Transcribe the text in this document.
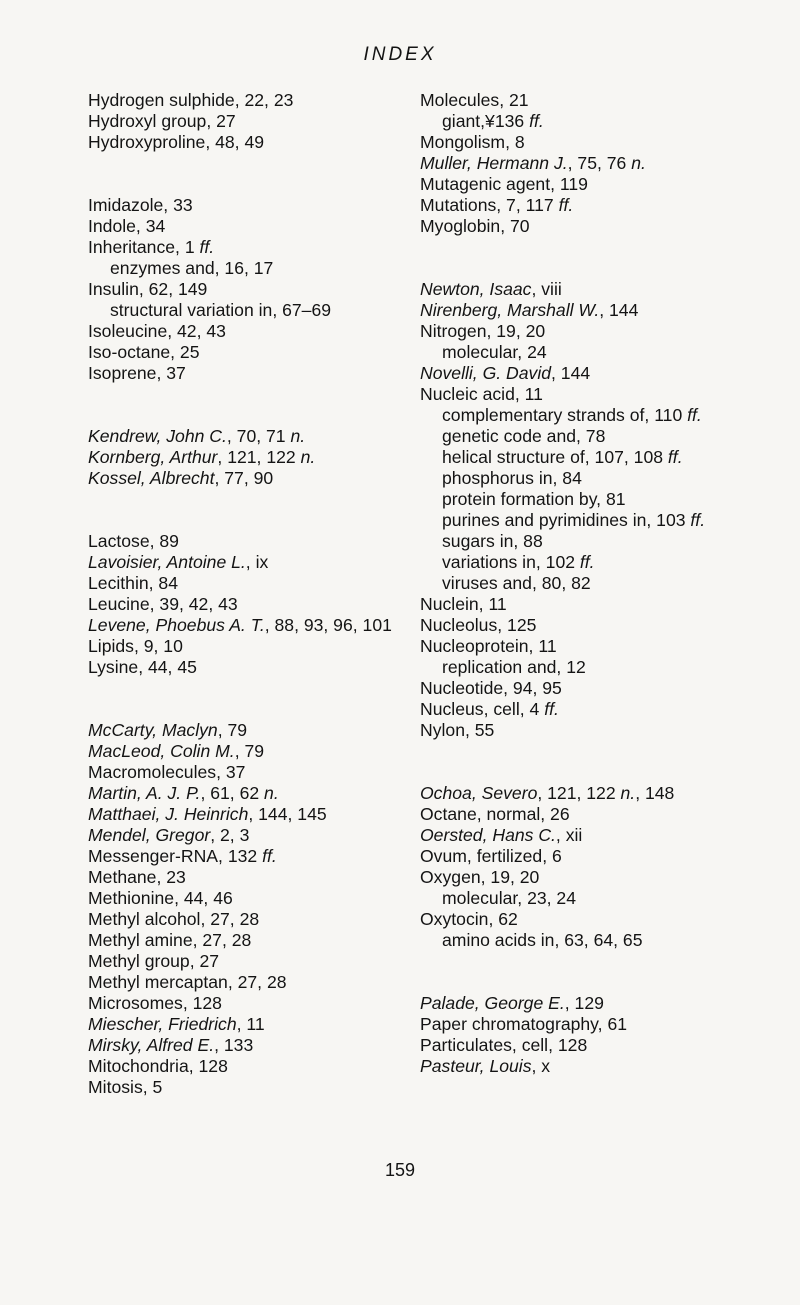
INDEX
Hydrogen sulphide, 22, 23
Hydroxyl group, 27
Hydroxyproline, 48, 49
Imidazole, 33
Indole, 34
Inheritance, 1 ff.
enzymes and, 16, 17
Insulin, 62, 149
structural variation in, 67–69
Isoleucine, 42, 43
Iso-octane, 25
Isoprene, 37
Kendrew, John C., 70, 71 n.
Kornberg, Arthur, 121, 122 n.
Kossel, Albrecht, 77, 90
Lactose, 89
Lavoisier, Antoine L., ix
Lecithin, 84
Leucine, 39, 42, 43
Levene, Phoebus A. T., 88, 93, 96, 101
Lipids, 9, 10
Lysine, 44, 45
McCarty, Maclyn, 79
MacLeod, Colin M., 79
Macromolecules, 37
Martin, A. J. P., 61, 62 n.
Matthaei, J. Heinrich, 144, 145
Mendel, Gregor, 2, 3
Messenger-RNA, 132 ff.
Methane, 23
Methionine, 44, 46
Methyl alcohol, 27, 28
Methyl amine, 27, 28
Methyl group, 27
Methyl mercaptan, 27, 28
Microsomes, 128
Miescher, Friedrich, 11
Mirsky, Alfred E., 133
Mitochondria, 128
Mitosis, 5
Molecules, 21
giant,¥136 ff.
Mongolism, 8
Muller, Hermann J., 75, 76 n.
Mutagenic agent, 119
Mutations, 7, 117 ff.
Myoglobin, 70
Newton, Isaac, viii
Nirenberg, Marshall W., 144
Nitrogen, 19, 20
molecular, 24
Novelli, G. David, 144
Nucleic acid, 11
complementary strands of, 110 ff.
genetic code and, 78
helical structure of, 107, 108 ff.
phosphorus in, 84
protein formation by, 81
purines and pyrimidines in, 103 ff.
sugars in, 88
variations in, 102 ff.
viruses and, 80, 82
Nuclein, 11
Nucleolus, 125
Nucleoprotein, 11
replication and, 12
Nucleotide, 94, 95
Nucleus, cell, 4 ff.
Nylon, 55
Ochoa, Severo, 121, 122 n., 148
Octane, normal, 26
Oersted, Hans C., xii
Ovum, fertilized, 6
Oxygen, 19, 20
molecular, 23, 24
Oxytocin, 62
amino acids in, 63, 64, 65
Palade, George E., 129
Paper chromatography, 61
Particulates, cell, 128
Pasteur, Louis, x
159
